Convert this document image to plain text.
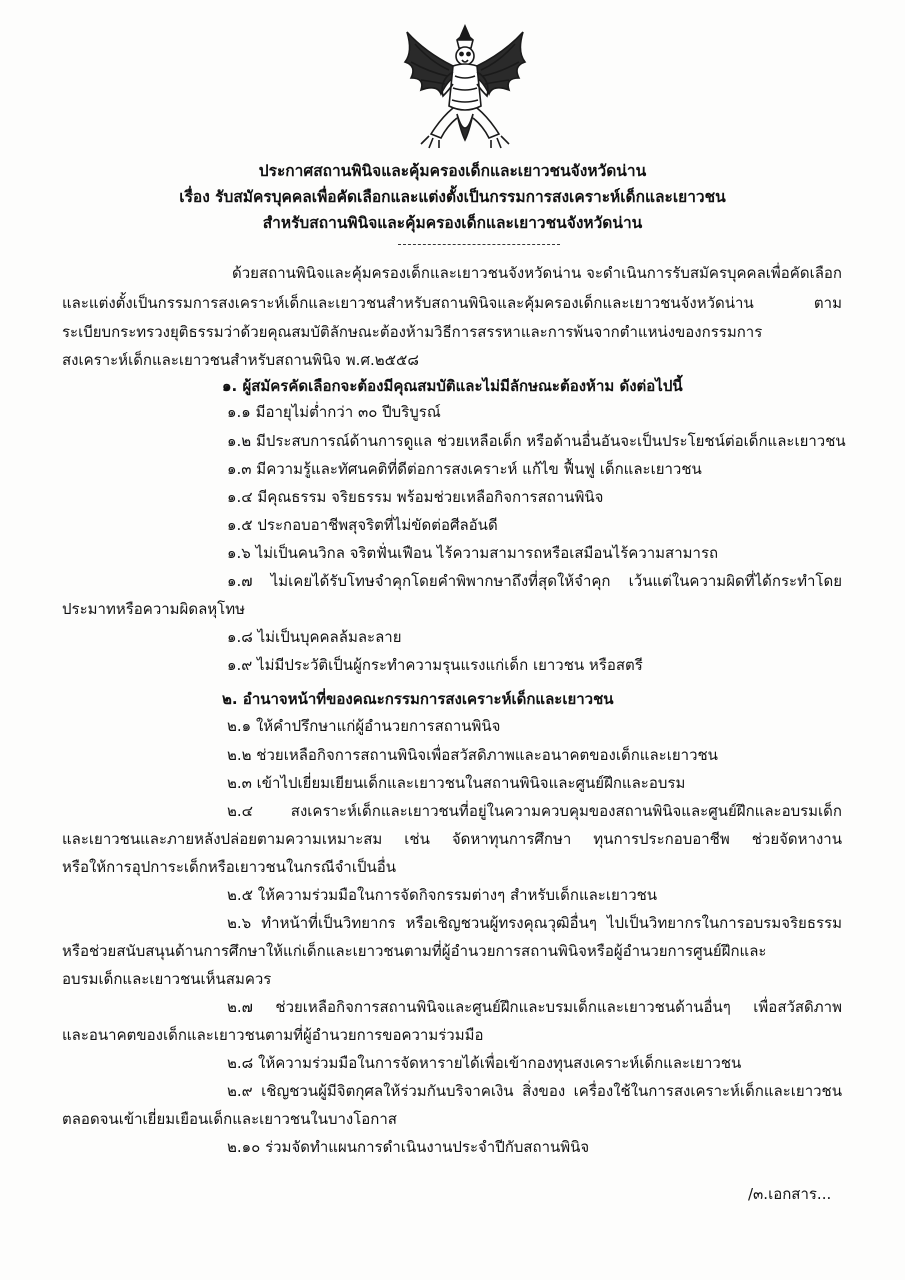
ประกาศสถานพินิจและคุ้มครองเด็กและเยาวชนจังหวัดน่าน
เรื่อง รับสมัครบุคคลเพื่อคัดเลือกและแต่งตั้งเป็นกรรมการสงเคราะห์เด็กและเยาวชน
สำหรับสถานพินิจและคุ้มครองเด็กและเยาวชนจังหวัดน่าน
ด้วยสถานพินิจและคุ้มครองเด็กและเยาวชนจังหวัดน่าน จะดำเนินการรับสมัครบุคคลเพื่อคัดเลือก
และแต่งตั้งเป็นกรรมการสงเคราะห์เด็กและเยาวชนสำหรับสถานพินิจและคุ้มครองเด็กและเยาวชนจังหวัดน่าน ตาม
ระเบียบกระทรวงยุติธรรมว่าด้วยคุณสมบัติลักษณะต้องห้ามวิธีการสรรหาและการพ้นจากตำแหน่งของกรรมการ
สงเคราะห์เด็กและเยาวชนสำหรับสถานพินิจ พ.ศ.๒๕๕๘
๑. ผู้สมัครคัดเลือกจะต้องมีคุณสมบัติและไม่มีลักษณะต้องห้าม ดังต่อไปนี้
๑.๑ มีอายุไม่ต่ำกว่า ๓๐ ปีบริบูรณ์
๑.๒ มีประสบการณ์ด้านการดูแล ช่วยเหลือเด็ก หรือด้านอื่นอันจะเป็นประโยชน์ต่อเด็กและเยาวชน
๑.๓ มีความรู้และทัศนคติที่ดีต่อการสงเคราะห์ แก้ไข ฟื้นฟู เด็กและเยาวชน
๑.๔ มีคุณธรรม จริยธรรม พร้อมช่วยเหลือกิจการสถานพินิจ
๑.๕ ประกอบอาชีพสุจริตที่ไม่ขัดต่อศีลอันดี
๑.๖ ไม่เป็นคนวิกล จริตฟั่นเฟือน ไร้ความสามารถหรือเสมือนไร้ความสามารถ
๑.๗ ไม่เคยได้รับโทษจำคุกโดยคำพิพากษาถึงที่สุดให้จำคุก เว้นแต่ในความผิดที่ได้กระทำโดย
ประมาทหรือความผิดลหุโทษ
๑.๘ ไม่เป็นบุคคลล้มละลาย
๑.๙ ไม่มีประวัติเป็นผู้กระทำความรุนแรงแก่เด็ก เยาวชน หรือสตรี
๒. อำนาจหน้าที่ของคณะกรรมการสงเคราะห์เด็กและเยาวชน
๒.๑ ให้คำปรึกษาแก่ผู้อำนวยการสถานพินิจ
๒.๒ ช่วยเหลือกิจการสถานพินิจเพื่อสวัสดิภาพและอนาคตของเด็กและเยาวชน
๒.๓ เข้าไปเยี่ยมเยียนเด็กและเยาวชนในสถานพินิจและศูนย์ฝึกและอบรม
๒.๔ สงเคราะห์เด็กและเยาวชนที่อยู่ในความควบคุมของสถานพินิจและศูนย์ฝึกและอบรมเด็ก
และเยาวชนและภายหลังปล่อยตามความเหมาะสม เช่น จัดหาทุนการศึกษา ทุนการประกอบอาชีพ ช่วยจัดหางาน
หรือให้การอุปการะเด็กหรือเยาวชนในกรณีจำเป็นอื่น
๒.๕ ให้ความร่วมมือในการจัดกิจกรรมต่างๆ สำหรับเด็กและเยาวชน
๒.๖ ทำหน้าที่เป็นวิทยากร หรือเชิญชวนผู้ทรงคุณวุฒิอื่นๆ ไปเป็นวิทยากรในการอบรมจริยธรรม
หรือช่วยสนับสนุนด้านการศึกษาให้แก่เด็กและเยาวชนตามที่ผู้อำนวยการสถานพินิจหรือผู้อำนวยการศูนย์ฝึกและ
อบรมเด็กและเยาวชนเห็นสมควร
๒.๗ ช่วยเหลือกิจการสถานพินิจและศูนย์ฝึกและบรมเด็กและเยาวชนด้านอื่นๆ เพื่อสวัสดิภาพ
และอนาคตของเด็กและเยาวชนตามที่ผู้อำนวยการขอความร่วมมือ
๒.๘ ให้ความร่วมมือในการจัดหารายได้เพื่อเข้ากองทุนสงเคราะห์เด็กและเยาวชน
๒.๙ เชิญชวนผู้มีจิตกุศลให้ร่วมกันบริจาคเงิน สิ่งของ เครื่องใช้ในการสงเคราะห์เด็กและเยาวชน
ตลอดจนเข้าเยี่ยมเยือนเด็กและเยาวชนในบางโอกาส
๒.๑๐ ร่วมจัดทำแผนการดำเนินงานประจำปีกับสถานพินิจ
/๓.เอกสาร...
